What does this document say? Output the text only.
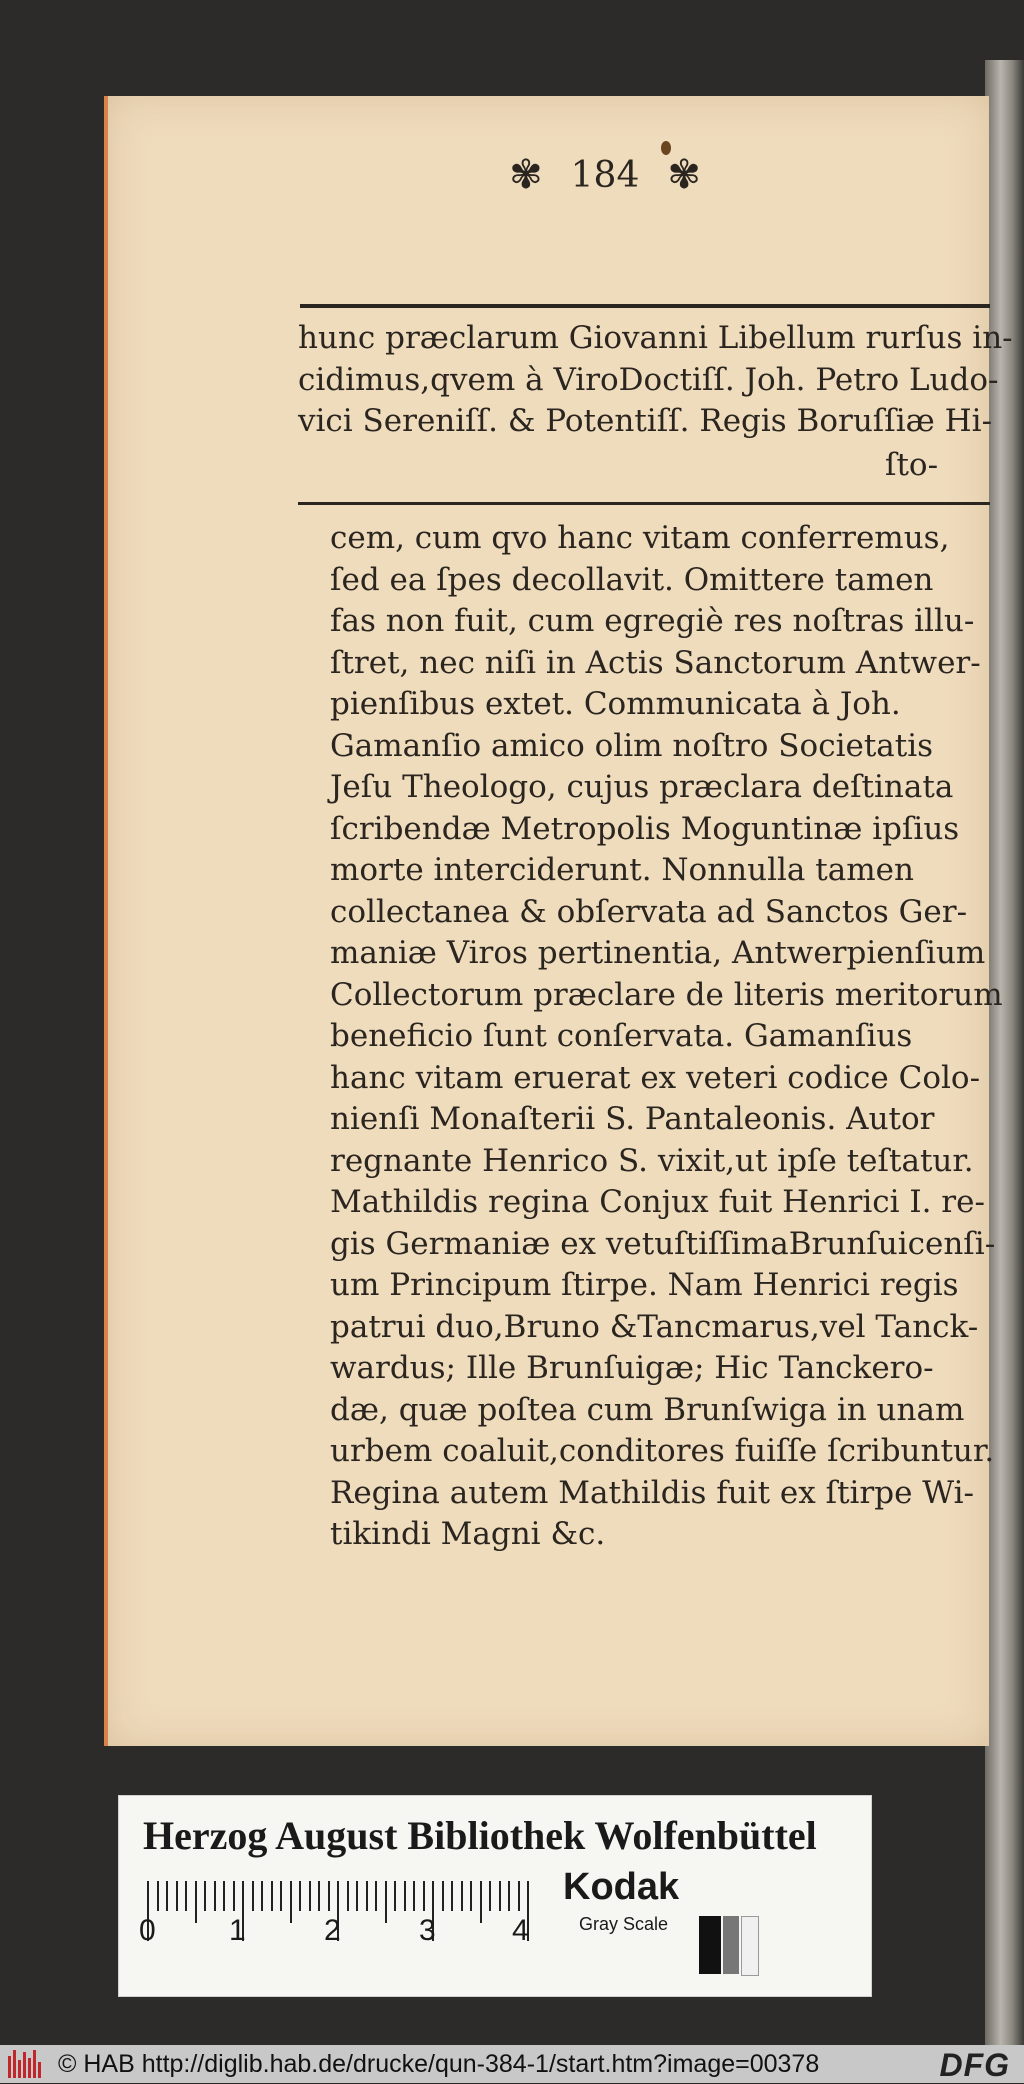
✾ 184 ✾
hunc præclarum Giovanni Libellum rurſus in-
cidimus,qvem à ViroDoctiſſ. Joh. Petro Ludo-
vici Sereniſſ. & Potentiſſ. Regis Boruſſiæ Hi-
ſto-
cem, cum qvo hanc vitam conferremus,
ſed ea ſpes decollavit. Omittere tamen
fas non fuit, cum egregiè res noſtras illu-
ſtret, nec niſi in Actis Sanctorum Antwer-
pienſibus extet. Communicata à Joh.
Gamanſio amico olim noſtro Societatis
Jeſu Theologo, cujus præclara deſtinata
ſcribendæ Metropolis Moguntinæ ipſius
morte interciderunt. Nonnulla tamen
collectanea & obſervata ad Sanctos Ger-
maniæ Viros pertinentia, Antwerpienſium
Collectorum præclare de literis meritorum
beneficio ſunt conſervata. Gamanſius
hanc vitam eruerat ex veteri codice Colo-
nienſi Monaſterii S. Pantaleonis. Autor
regnante Henrico S. vixit,ut ipſe teſtatur.
Mathildis regina Conjux fuit Henrici I. re-
gis Germaniæ ex vetuſtiſſimaBrunſuicenſi-
um Principum ſtirpe. Nam Henrici regis
patrui duo,Bruno &Tancmarus,vel Tanck-
wardus; Ille Brunſuigæ; Hic Tanckero-
dæ, quæ poſtea cum Brunſwiga in unam
urbem coaluit,conditores fuiſſe ſcribuntur.
Regina autem Mathildis fuit ex ſtirpe Wi-
tikindi Magni &c.
Herzog August Bibliothek Wolfenbüttel
0 1	2	3	4
Kodak
Gray Scale
© HAB http://diglib.hab.de/drucke/qun-384-1/start.htm?image=00378	DFG
